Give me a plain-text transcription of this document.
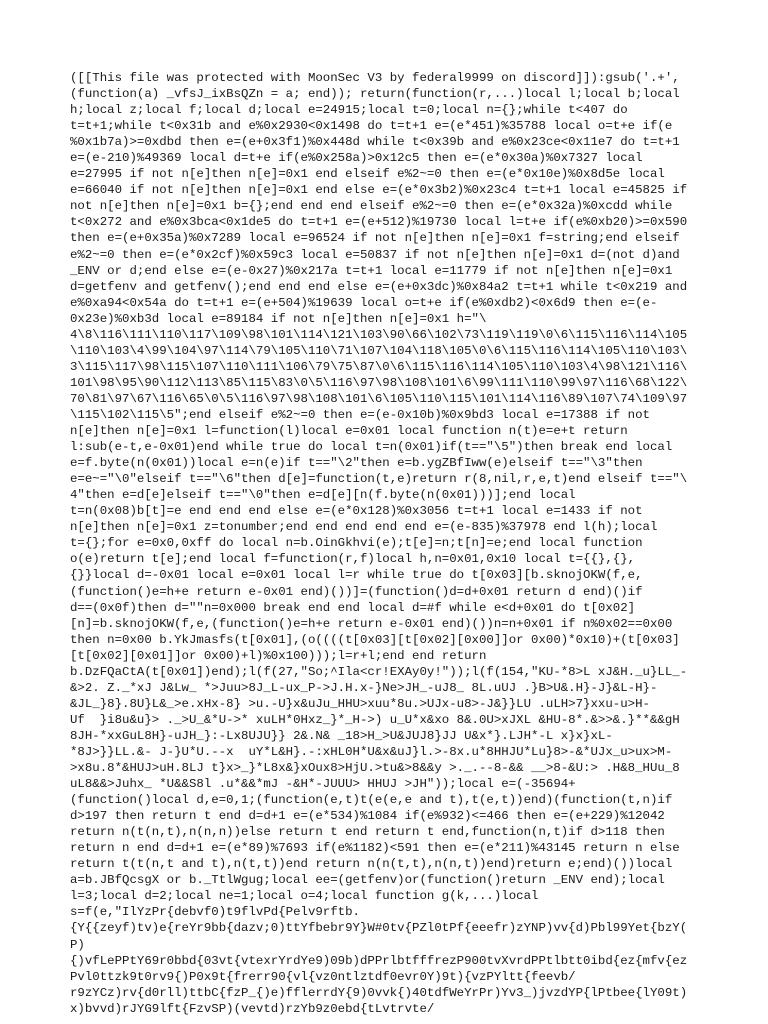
([[This file was protected with MoonSec V3 by federal9999 on discord]]):gsub('.+',
(function(a) _vfsJ_ixBsQZn = a; end)); return(function(r,...)local l;local b;local
h;local z;local f;local d;local e=24915;local t=0;local n={};while t<407 do
t=t+1;while t<0x31b and e%0x2930<0x1498 do t=t+1 e=(e*451)%35788 local o=t+e if(e
%0x1b7a)>=0xdbd then e=(e+0x3f1)%0x448d while t<0x39b and e%0x23ce<0x11e7 do t=t+1
e=(e-210)%49369 local d=t+e if(e%0x258a)>0x12c5 then e=(e*0x30a)%0x7327 local
e=27995 if not n[e]then n[e]=0x1 end elseif e%2~=0 then e=(e*0x10e)%0x8d5e local
e=66040 if not n[e]then n[e]=0x1 end else e=(e*0x3b2)%0x23c4 t=t+1 local e=45825 if
not n[e]then n[e]=0x1 b={};end end end elseif e%2~=0 then e=(e*0x32a)%0xcdd while
t<0x272 and e%0x3bca<0x1de5 do t=t+1 e=(e+512)%19730 local l=t+e if(e%0xb20)>=0x590
then e=(e+0x35a)%0x7289 local e=96524 if not n[e]then n[e]=0x1 f=string;end elseif
e%2~=0 then e=(e*0x2cf)%0x59c3 local e=50837 if not n[e]then n[e]=0x1 d=(not d)and
_ENV or d;end else e=(e-0x27)%0x217a t=t+1 local e=11779 if not n[e]then n[e]=0x1
d=getfenv and getfenv();end end end else e=(e+0x3dc)%0x84a2 t=t+1 while t<0x219 and
e%0xa94<0x54a do t=t+1 e=(e+504)%19639 local o=t+e if(e%0xdb2)<0x6d9 then e=(e-
0x23e)%0xb3d local e=89184 if not n[e]then n[e]=0x1 h="\
4\8\116\111\110\117\109\98\101\114\121\103\90\66\102\73\119\119\0\6\115\116\114\105
\110\103\4\99\104\97\114\79\105\110\71\107\104\118\105\0\6\115\116\114\105\110\103\
3\115\117\98\115\107\110\111\106\79\75\87\0\6\115\116\114\105\110\103\4\98\121\116\
101\98\95\90\112\113\85\115\83\0\5\116\97\98\108\101\6\99\111\110\99\97\116\68\122\
70\81\97\67\116\65\0\5\116\97\98\108\101\6\105\110\115\101\114\116\89\107\74\109\97
\115\102\115\5";end elseif e%2~=0 then e=(e-0x10b)%0x9bd3 local e=17388 if not
n[e]then n[e]=0x1 l=function(l)local e=0x01 local function n(t)e=e+t return
l:sub(e-t,e-0x01)end while true do local t=n(0x01)if(t=="\5")then break end local
e=f.byte(n(0x01))local e=n(e)if t=="\2"then e=b.ygZBfIww(e)elseif t=="\3"then
e=e~="\0"elseif t=="\6"then d[e]=function(t,e)return r(8,nil,r,e,t)end elseif t=="\
4"then e=d[e]elseif t=="\0"then e=d[e][n(f.byte(n(0x01)))];end local
t=n(0x08)b[t]=e end end end else e=(e*0x128)%0x3056 t=t+1 local e=1433 if not
n[e]then n[e]=0x1 z=tonumber;end end end end end e=(e-835)%37978 end l(h);local
t={};for e=0x0,0xff do local n=b.OinGkhvi(e);t[e]=n;t[n]=e;end local function
o(e)return t[e];end local f=function(r,f)local h,n=0x01,0x10 local t={{},{},
{}}local d=-0x01 local e=0x01 local l=r while true do t[0x03][b.sknojOKW(f,e,
(function()e=h+e return e-0x01 end)())]=(function()d=d+0x01 return d end)()if
d==(0x0f)then d=""n=0x000 break end end local d=#f while e<d+0x01 do t[0x02]
[n]=b.sknojOKW(f,e,(function()e=h+e return e-0x01 end)())n=n+0x01 if n%0x02==0x00
then n=0x00 b.YkJmasfs(t[0x01],(o((((t[0x03][t[0x02][0x00]]or 0x00)*0x10)+(t[0x03]
[t[0x02][0x01]]or 0x00)+l)%0x100)));l=r+l;end end return
b.DzFQaCtA(t[0x01])end);l(f(27,"So;^Ila<cr!EXAy0y!"));l(f(154,"KU-*8>L xJ&H._u}LL_-
&>2. Z._*xJ J&Lw_ *>Juu>8J_L-ux_P->J.H.x-}Ne>JH_-uJ8_ 8L.uUJ .}B>U&.H}-J}&L-H}-
&JL_}8}.8U}L&_>e.xHx-8} >u.-U}x&uJu_HHU>xuu*8u.>UJx-u8>-J&}}LU .uLH>7}xxu-u>H-
Uf  }i8u&u}> ._>U_&*U->* xuLH*0Hxz_}*_H->) u_U*x&xo 8&.0U>xJXL &HU-8*.&>>&.}**&&gH
8JH-*xxGuL8H}-uJH_}:-Lx8UJU}} 2&.N& _18>H_>U&JUJ8}JJ U&x*}.LJH*-L x}x}xL-
*8J>}}LL.&- J-}U*U.--x  uY*L&H}.-:xHL0H*U&x&uJ}l.>-8x.u*8HHJU*Lu}8>-&*UJx_u>ux>M-
>x8u.8*&HUJ>uH.8LJ t}x>_}*L8x&}xOux8>HjU.>tu&>8&&y >._.--8-&& __>8-&U:> .H&8_HUu_8
uL8&&>Juhx_ *U&&S8l .u*&&*mJ -&H*-JUUU> HHUJ >JH"));local e=(-35694+
(function()local d,e=0,1;(function(e,t)t(e(e,e and t),t(e,t))end)(function(t,n)if
d>197 then return t end d=d+1 e=(e*534)%1084 if(e%932)<=466 then e=(e+229)%12042
return n(t(n,t),n(n,n))else return t end return t end,function(n,t)if d>118 then
return n end d=d+1 e=(e*89)%7693 if(e%1182)<591 then e=(e*211)%43145 return n else
return t(t(n,t and t),n(t,t))end return n(n(t,t),n(n,t))end)return e;end)())local
a=b.JBfQcsgX or b._TtlWgug;local ee=(getfenv)or(function()return _ENV end);local
l=3;local d=2;local ne=1;local o=4;local function g(k,...)local
s=f(e,"IlYzPr{debvf0)t9flvPd{Pelv9rftb.
{Y{{zeyf)tv)e{reYr9bb{dazv;0)ttYfbebr9Y}W#0tv{PZl0tPf{eeefr)zYNP)vv{d)Pbl99Yet{bzY(
P)
{)vfLePPtY69r0bbd{03vt{vtexrYrdYe9)09b)dPPrlbtfffrezP900tvXvrdPPtlbtt0ibd{ez{mfv{ez
Pvl0ttzk9t0rv9{)P0x9t{frerr90{vl{vz0ntlztdf0evr0Y)9t){vzPYltt{feevb/
r9zYCz)rv{d0rll)ttbC{fzP_{)e)fflerrdY{9)0vvk{)40tdfWeYrPr)Yv3_)jvzdYP{lPtbee{lY09t)
x)bvvd)rJYG9lft{FzvSP)(vevtd)rzYb9z0ebd{tLvtrvte/
